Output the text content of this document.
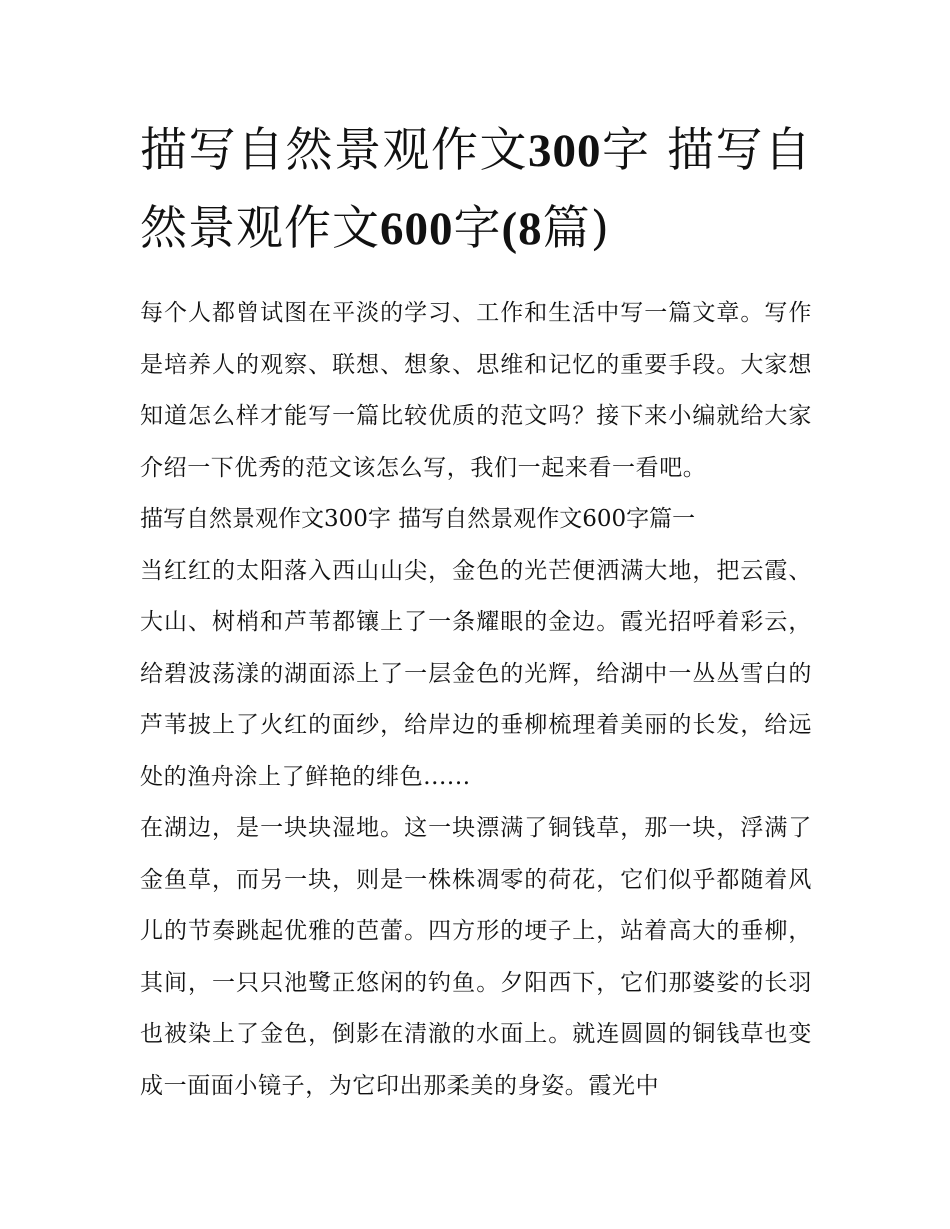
描写自然景观作文300字 描写自然景观作文600字(8篇)

每个人都曾试图在平淡的学习、工作和生活中写一篇文章。写作是培养人的观察、联想、想象、思维和记忆的重要手段。大家想知道怎么样才能写一篇比较优质的范文吗？接下来小编就给大家介绍一下优秀的范文该怎么写，我们一起来看一看吧。

描写自然景观作文300字 描写自然景观作文600字篇一

当红红的太阳落入西山山尖，金色的光芒便洒满大地，把云霞、大山、树梢和芦苇都镶上了一条耀眼的金边。霞光招呼着彩云，给碧波荡漾的湖面添上了一层金色的光辉，给湖中一丛丛雪白的芦苇披上了火红的面纱，给岸边的垂柳梳理着美丽的长发，给远处的渔舟涂上了鲜艳的绯色......

在湖边，是一块块湿地。这一块漂满了铜钱草，那一块，浮满了金鱼草，而另一块，则是一株株凋零的荷花，它们似乎都随着风儿的节奏跳起优雅的芭蕾。四方形的埂子上，站着高大的垂柳，其间，一只只池鹭正悠闲的钓鱼。夕阳西下，它们那婆娑的长羽也被染上了金色，倒影在清澈的水面上。就连圆圆的铜钱草也变成一面面小镜子，为它印出那柔美的身姿。霞光中
